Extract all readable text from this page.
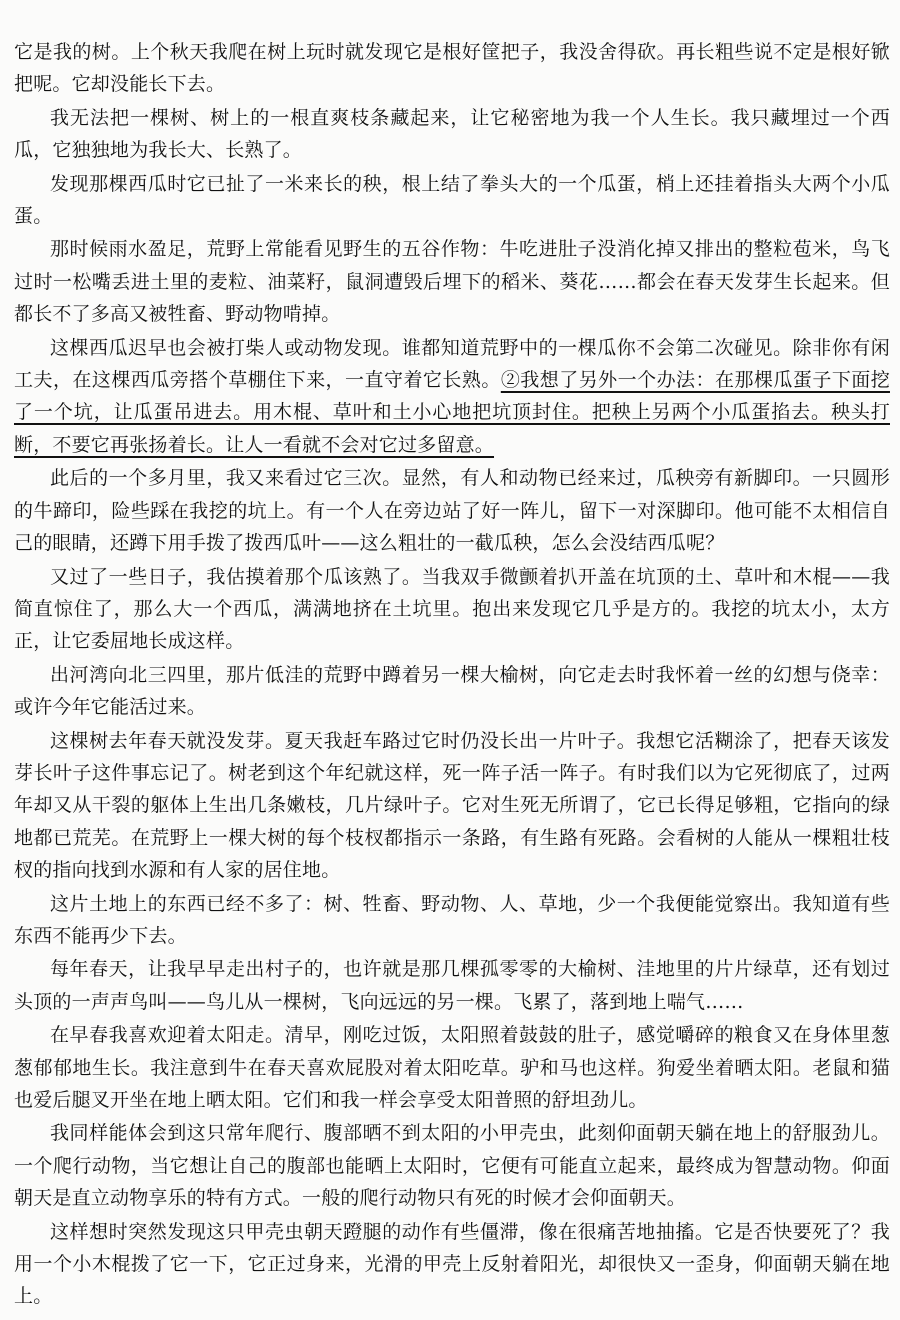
它是我的树。上个秋天我爬在树上玩时就发现它是根好筐把子，我没舍得砍。再长粗些说不定是根好锨把呢。它却没能长下去。

我无法把一棵树、树上的一根直爽枝条藏起来，让它秘密地为我一个人生长。我只藏埋过一个西瓜，它独独地为我长大、长熟了。

发现那棵西瓜时它已扯了一米来长的秧，根上结了拳头大的一个瓜蛋，梢上还挂着指头大两个小瓜蛋。

那时候雨水盈足，荒野上常能看见野生的五谷作物：牛吃进肚子没消化掉又排出的整粒苞米，鸟飞过时一松嘴丢进土里的麦粒、油菜籽，鼠洞遭毁后埋下的稻米、葵花……都会在春天发芽生长起来。但都长不了多高又被牲畜、野动物啃掉。

这棵西瓜迟早也会被打柴人或动物发现。谁都知道荒野中的一棵瓜你不会第二次碰见。除非你有闲工夫，在这棵西瓜旁搭个草棚住下来，一直守着它长熟。②我想了另外一个办法：在那棵瓜蛋子下面挖了一个坑，让瓜蛋吊进去。用木棍、草叶和土小心地把坑顶封住。把秧上另两个小瓜蛋掐去。秧头打断，不要它再张扬着长。让人一看就不会对它过多留意。

此后的一个多月里，我又来看过它三次。显然，有人和动物已经来过，瓜秧旁有新脚印。一只圆形的牛蹄印，险些踩在我挖的坑上。有一个人在旁边站了好一阵儿，留下一对深脚印。他可能不太相信自己的眼睛，还蹲下用手拨了拨西瓜叶——这么粗壮的一截瓜秧，怎么会没结西瓜呢？

又过了一些日子，我估摸着那个瓜该熟了。当我双手微颤着扒开盖在坑顶的土、草叶和木棍——我简直惊住了，那么大一个西瓜，满满地挤在土坑里。抱出来发现它几乎是方的。我挖的坑太小，太方正，让它委屈地长成这样。

出河湾向北三四里，那片低洼的荒野中蹲着另一棵大榆树，向它走去时我怀着一丝的幻想与侥幸：或许今年它能活过来。

这棵树去年春天就没发芽。夏天我赶车路过它时仍没长出一片叶子。我想它活糊涂了，把春天该发芽长叶子这件事忘记了。树老到这个年纪就这样，死一阵子活一阵子。有时我们以为它死彻底了，过两年却又从干裂的躯体上生出几条嫩枝，几片绿叶子。它对生死无所谓了，它已长得足够粗，它指向的绿地都已荒芜。在荒野上一棵大树的每个枝杈都指示一条路，有生路有死路。会看树的人能从一棵粗壮枝杈的指向找到水源和有人家的居住地。

这片土地上的东西已经不多了：树、牲畜、野动物、人、草地，少一个我便能觉察出。我知道有些东西不能再少下去。

每年春天，让我早早走出村子的，也许就是那几棵孤零零的大榆树、洼地里的片片绿草，还有划过头顶的一声声鸟叫——鸟儿从一棵树，飞向远远的另一棵。飞累了，落到地上喘气……

在早春我喜欢迎着太阳走。清早，刚吃过饭，太阳照着鼓鼓的肚子，感觉嚼碎的粮食又在身体里葱葱郁郁地生长。我注意到牛在春天喜欢屁股对着太阳吃草。驴和马也这样。狗爱坐着晒太阳。老鼠和猫也爱后腿叉开坐在地上晒太阳。它们和我一样会享受太阳普照的舒坦劲儿。

我同样能体会到这只常年爬行、腹部晒不到太阳的小甲壳虫，此刻仰面朝天躺在地上的舒服劲儿。一个爬行动物，当它想让自己的腹部也能晒上太阳时，它便有可能直立起来，最终成为智慧动物。仰面朝天是直立动物享乐的特有方式。一般的爬行动物只有死的时候才会仰面朝天。

这样想时突然发现这只甲壳虫朝天蹬腿的动作有些僵滞，像在很痛苦地抽搐。它是否快要死了？我用一个小木棍拨了它一下，它正过身来，光滑的甲壳上反射着阳光，却很快又一歪身，仰面朝天躺在地上。
